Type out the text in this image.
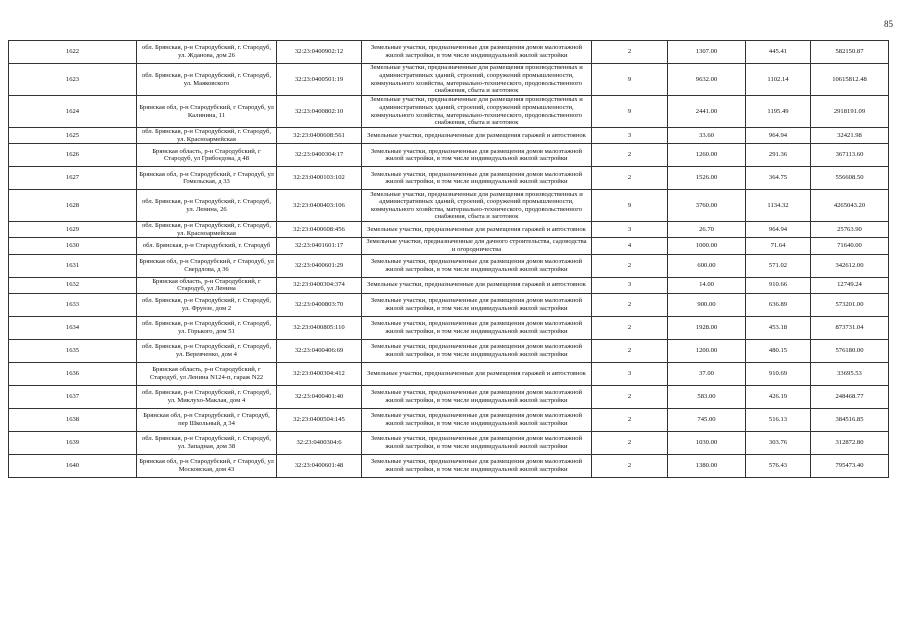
85
1622	обл. Брянская, р-н Стародубский, г. Стародуб, ул. Жданова, дом 26	32:23:0400902:12	Земельные участки, предназначенные для размещения домов малоэтажной жилой застройки, в том числе индивидуальной жилой застройки	2	1307.00	445.41	582150.87
1623	обл. Брянская, р-н Стародубский, г. Стародуб, ул. Маяковского	32:23:0400501:19	Земельные участки, предназначенные для размещения производственных и административных зданий, строений, сооружений промышленности, коммунального хозяйства, материально-технического, продовольственного снабжения, сбыта и заготовок	9	9632.00	1102.14	10615812.48
1624	Брянская обл, р-н Стародубский, г Стародуб, ул Калинина, 11	32:23:0400802:10	Земельные участки, предназначенные для размещения производственных и административных зданий, строений, сооружений промышленности, коммунального хозяйства, материально-технического, продовольственного снабжения, сбыта и заготовок	9	2441.00	1195.49	2918191.09
1625	обл. Брянская, р-н Стародубский, г. Стародуб, ул. Красноармейская	32:23:0400608:561	Земельные участки, предназначенные для размещения гаражей и автостоянок	3	33.60	964.94	32421.98
1626	Брянская область, р-н Стародубский, г Стародуб, ул Грибоедова, д 48	32:23:0400304:17	Земельные участки, предназначенные для размещения домов малоэтажной жилой застройки, в том числе индивидуальной жилой застройки	2	1260.00	291.36	367113.60
1627	Брянская обл, р-н Стародубский, г Стародуб, ул Гомельская, д 33	32:23:0400103:102	Земельные участки, предназначенные для размещения домов малоэтажной жилой застройки, в том числе индивидуальной жилой застройки	2	1526.00	364.75	556608.50
1628	обл. Брянская, р-н Стародубский, г. Стародуб, ул. Ленина, 26	32:23:0400403:106	Земельные участки, предназначенные для размещения производственных и административных зданий, строений, сооружений промышленности, коммунального хозяйства, материально-технического, продовольственного снабжения, сбыта и заготовок	9	3760.00	1134.32	4265043.20
1629	обл. Брянская, р-н Стародубский, г. Стародуб, ул. Красноармейская	32:23:0400608:456	Земельные участки, предназначенные для размещения гаражей и автостоянок	3	26.70	964.94	25763.90
1630	обл. Брянская, р-н Стародубский, г. Стародуб	32:23:0401601:17	Земельные участки, предназначенные для дачного строительства, садоводства и огородничества	4	1000.00	71.64	71640.00
1631	Брянская обл, р-н Стародубский, г Стародуб, ул Свердлова, д 36	32:23:0400601:29	Земельные участки, предназначенные для размещения домов малоэтажной жилой застройки, в том числе индивидуальной жилой застройки	2	600.00	571.02	342612.00
1632	Брянская область, р-н Стародубский, г Стародуб, ул Ленина	32:23:0400304:374	Земельные участки, предназначенные для размещения гаражей и автостоянок	3	14.00	910.66	12749.24
1633	обл. Брянская, р-н Стародубский, г. Стародуб, ул. Фрунзе, дом 2	32:23:0400803:70	Земельные участки, предназначенные для размещения домов малоэтажной жилой застройки, в том числе индивидуальной жилой застройки	2	900.00	636.89	573201.00
1634	обл. Брянская, р-н Стародубский, г. Стародуб, ул. Горького, дом 51	32:23:0400805:110	Земельные участки, предназначенные для размещения домов малоэтажной жилой застройки, в том числе индивидуальной жилой застройки	2	1928.00	453.18	873731.04
1635	обл. Брянская, р-н Стародубский, г. Стародуб, ул. Веревченко, дом 4	32:23:0400406:69	Земельные участки, предназначенные для размещения домов малоэтажной жилой застройки, в том числе индивидуальной жилой застройки	2	1200.00	480.15	576180.00
1636	Брянская область, р-н Стародубский, г Стародуб, ул Ленина N124-п, гараж N22	32:23:0400304:412	Земельные участки, предназначенные для размещения гаражей и автостоянок	3	37.00	910.69	33695.53
1637	обл. Брянская, р-н Стародубский, г. Стародуб, ул. Миклухо-Маклая, дом 4	32:23:0400401:40	Земельные участки, предназначенные для размещения домов малоэтажной жилой застройки, в том числе индивидуальной жилой застройки	2	583.00	426.19	248468.77
1638	Брянская обл, р-н Стародубский, г Стародуб, пер Школьный, д 34	32:23:0400504:145	Земельные участки, предназначенные для размещения домов малоэтажной жилой застройки, в том числе индивидуальной жилой застройки	2	745.00	516.13	384516.85
1639	обл. Брянская, р-н Стародубский, г. Стародуб, ул. Западная, дом 38	32:23:0400304:6	Земельные участки, предназначенные для размещения домов малоэтажной жилой застройки, в том числе индивидуальной жилой застройки	2	1030.00	303.76	312872.80
1640	Брянская обл, р-н Стародубский, г Стародуб, ул Московская, дом 43	32:23:0400601:48	Земельные участки, предназначенные для размещения домов малоэтажной жилой застройки, в том числе индивидуальной жилой застройки	2	1380.00	576.43	795473.40
